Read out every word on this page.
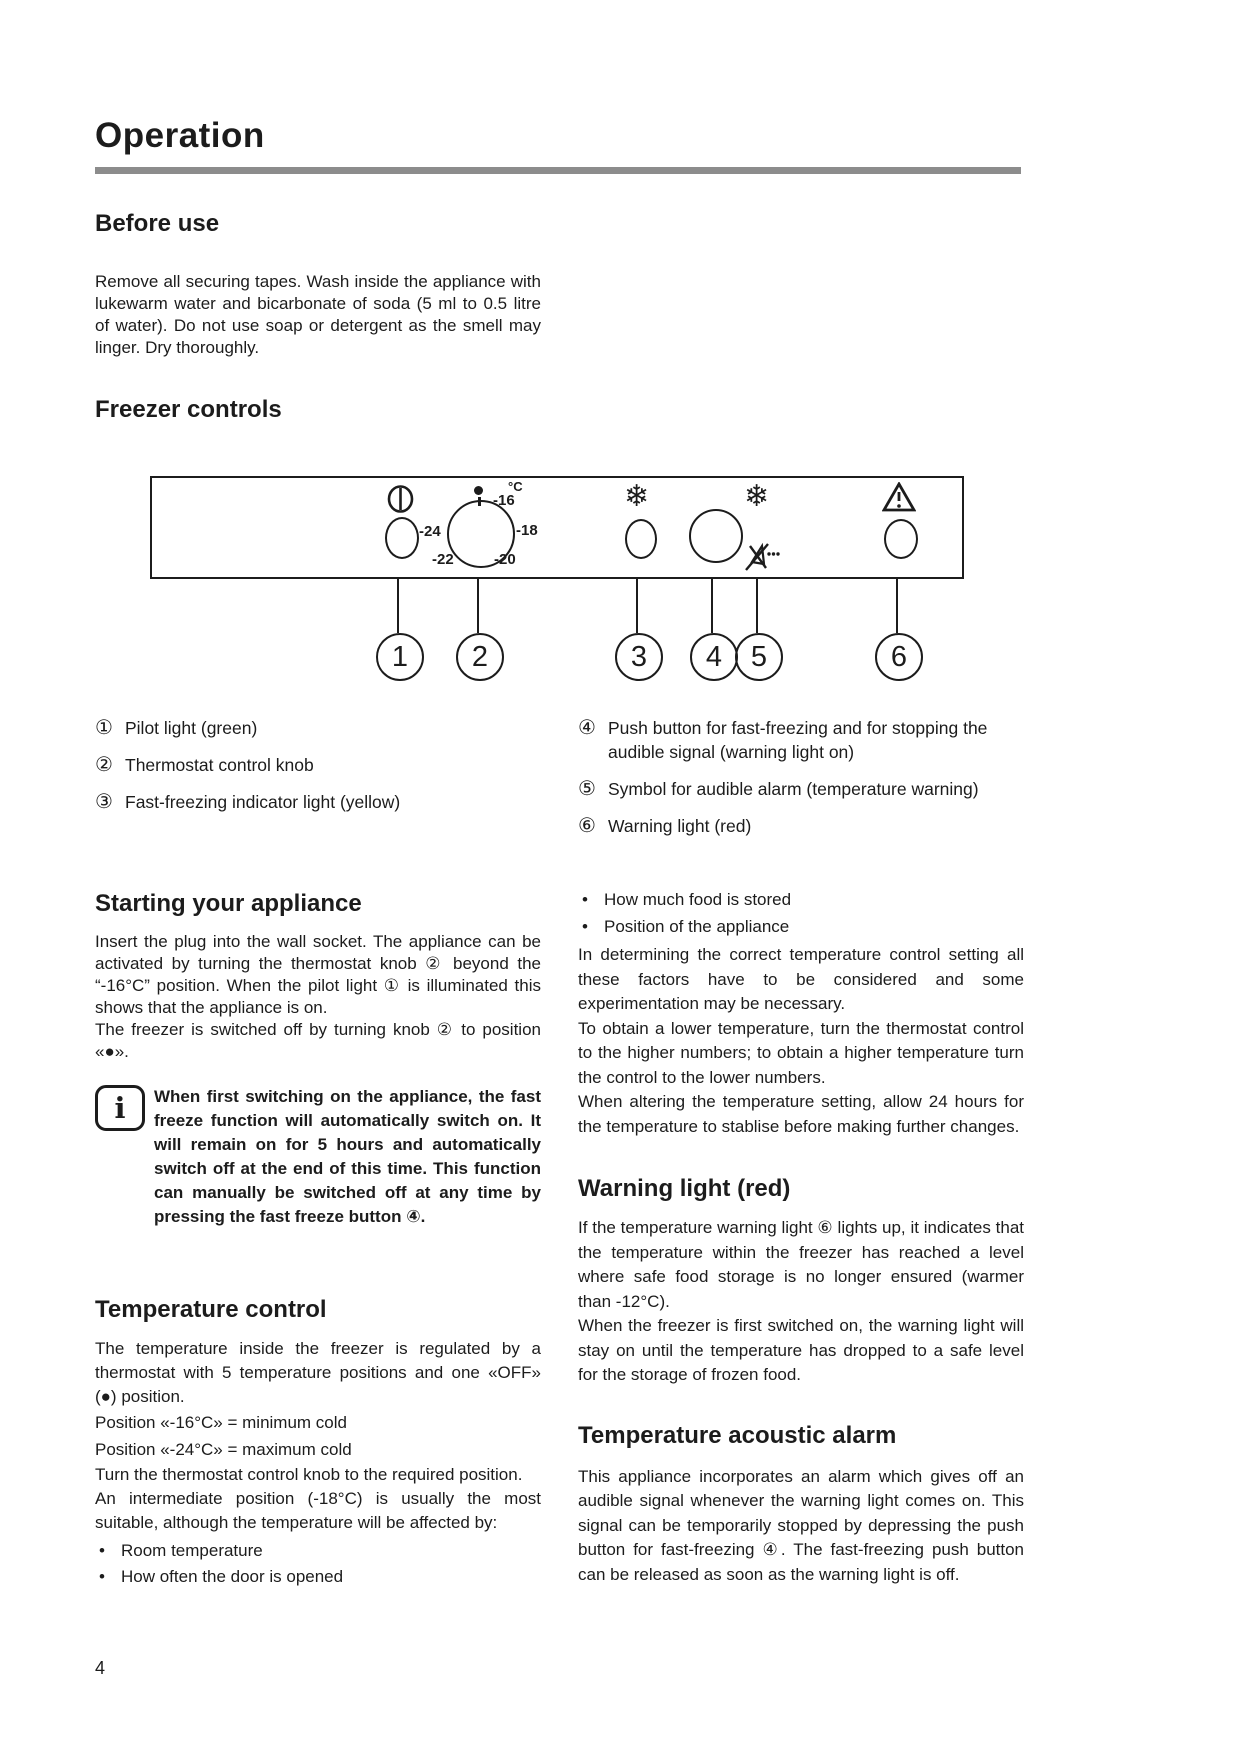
Operation
Before use

Remove all securing tapes. Wash inside the appliance with lukewarm water and bicarbonate of soda (5 ml to 0.5 litre of water). Do not use soap or detergent as the smell may linger. Dry thoroughly.

Freezer controls
-24
°C
-16
-18
-20
-22
❄	❄
1	2	3	4 5	6
① Pilot light (green)
② Thermostat control knob
③ Fast-freezing indicator light (yellow)
④ Push button for fast-freezing and for stopping the audible signal (warning light on)
⑤ Symbol for audible alarm (temperature warning)
⑥ Warning light (red)
Starting your appliance

Insert the plug into the wall socket. The appliance can be activated by turning the thermostat knob ② beyond the “-16°C” position. When the pilot light ① is illuminated this shows that the appliance is on.

The freezer is switched off by turning knob ② to position «●».

i	When first switching on the appliance, the fast freeze function will automatically switch on. It will remain on for 5 hours and automatically switch off at the end of this time. This function can manually be switched off at any time by pressing the fast freeze button ④.
Temperature control

The temperature inside the freezer is regulated by a thermostat with 5 temperature positions and one «OFF» (●) position.

Position «-16°C» = minimum cold

Position «-24°C» = maximum cold

Turn the thermostat control knob to the required position.

An intermediate position (-18°C) is usually the most suitable, although the temperature will be affected by:

• Room temperature
• How often the door is opened
4
• How much food is stored
• Position of the appliance

In determining the correct temperature control setting all these factors have to be considered and some experimentation may be necessary.

To obtain a lower temperature, turn the thermostat control to the higher numbers; to obtain a higher temperature turn the control to the lower numbers.

When altering the temperature setting, allow 24 hours for the temperature to stablise before making further changes.

Warning light (red)

If the temperature warning light ⑥ lights up, it indicates that the temperature within the freezer has reached a level where safe food storage is no longer ensured (warmer than -12°C).

When the freezer is first switched on, the warning light will stay on until the temperature has dropped to a safe level for the storage of frozen food.

Temperature acoustic alarm

This appliance incorporates an alarm which gives off an audible signal whenever the warning light comes on. This signal can be temporarily stopped by depressing the push button for fast-freezing ④. The fast-freezing push button can be released as soon as the warning light is off.
